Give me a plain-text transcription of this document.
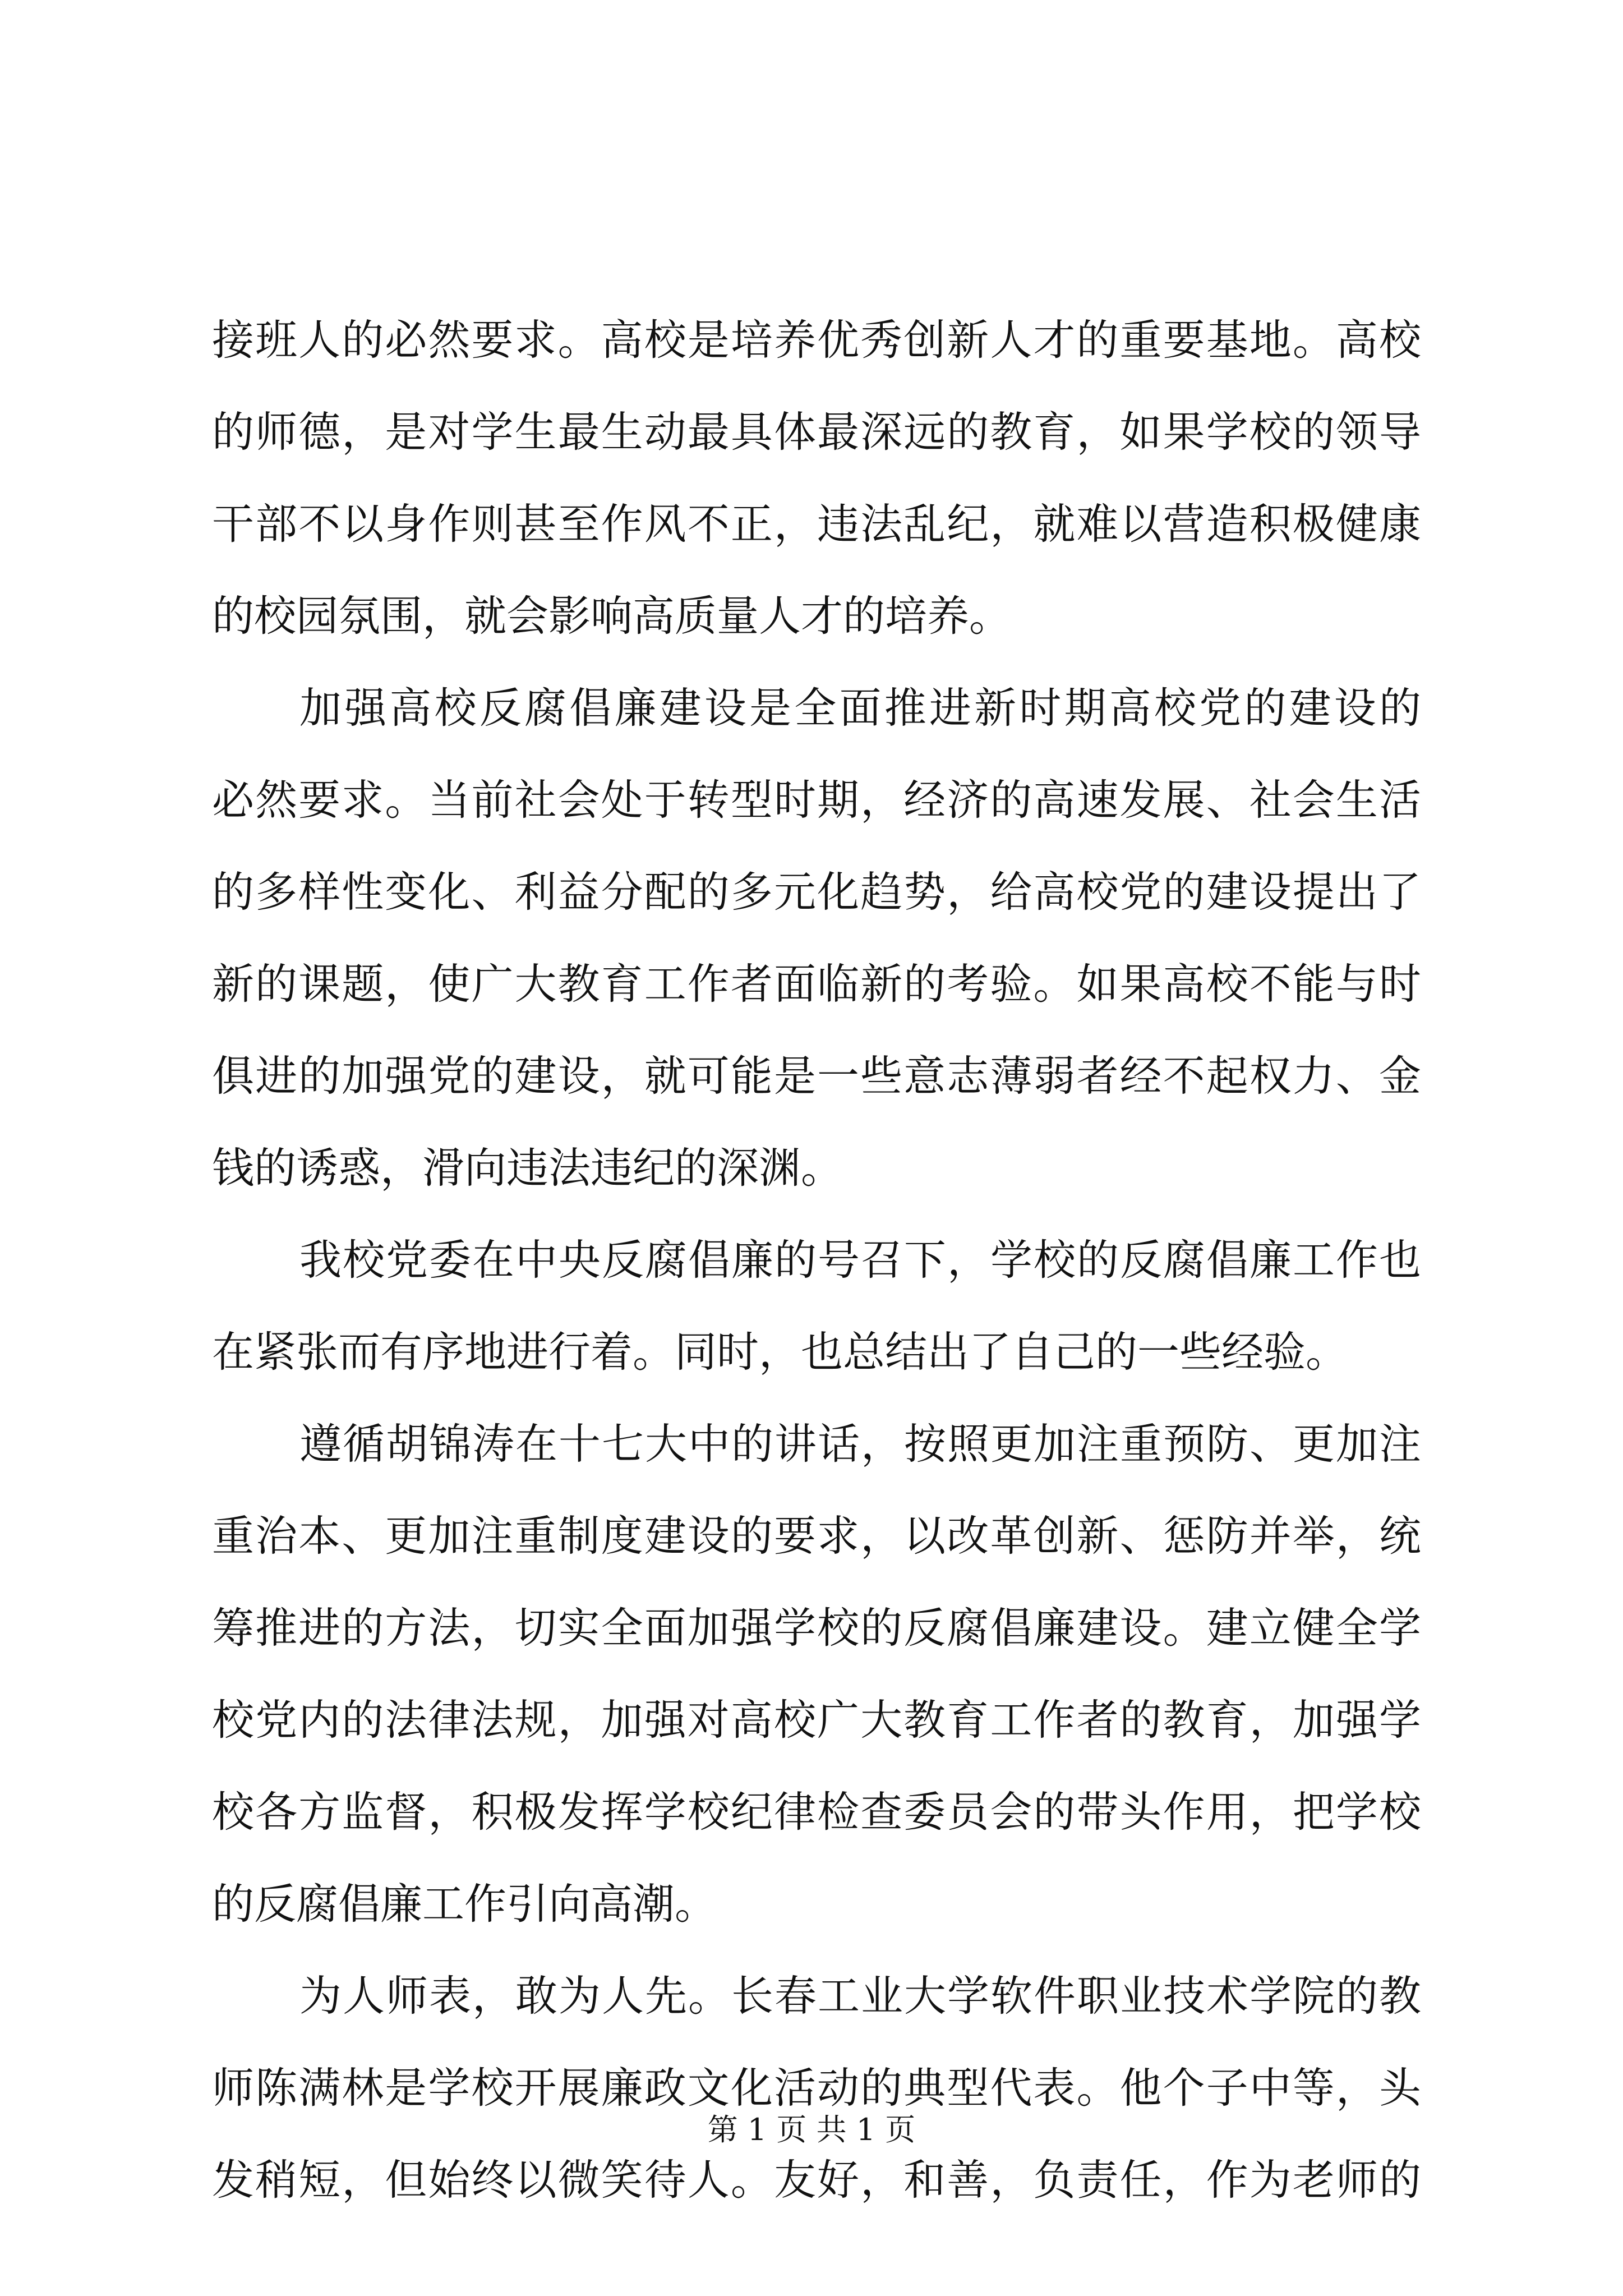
接班人的必然要求。高校是培养优秀创新人才的重要基地。高校
的师德，是对学生最生动最具体最深远的教育，如果学校的领导
干部不以身作则甚至作风不正，违法乱纪，就难以营造积极健康
的校园氛围，就会影响高质量人才的培养。
加强高校反腐倡廉建设是全面推进新时期高校党的建设的
必然要求。当前社会处于转型时期，经济的高速发展、社会生活
的多样性变化、利益分配的多元化趋势，给高校党的建设提出了
新的课题，使广大教育工作者面临新的考验。如果高校不能与时
俱进的加强党的建设，就可能是一些意志薄弱者经不起权力、金
钱的诱惑，滑向违法违纪的深渊。
我校党委在中央反腐倡廉的号召下，学校的反腐倡廉工作也
在紧张而有序地进行着。同时，也总结出了自己的一些经验。
遵循胡锦涛在十七大中的讲话，按照更加注重预防、更加注
重治本、更加注重制度建设的要求，以改革创新、惩防并举，统
筹推进的方法，切实全面加强学校的反腐倡廉建设。建立健全学
校党内的法律法规，加强对高校广大教育工作者的教育，加强学
校各方监督，积极发挥学校纪律检查委员会的带头作用，把学校
的反腐倡廉工作引向高潮。
为人师表，敢为人先。长春工业大学软件职业技术学院的教
师陈满林是学校开展廉政文化活动的典型代表。他个子中等，头
发稍短，但始终以微笑待人。友好，和善，负责任，作为老师的
第 1 页 共 1 页
